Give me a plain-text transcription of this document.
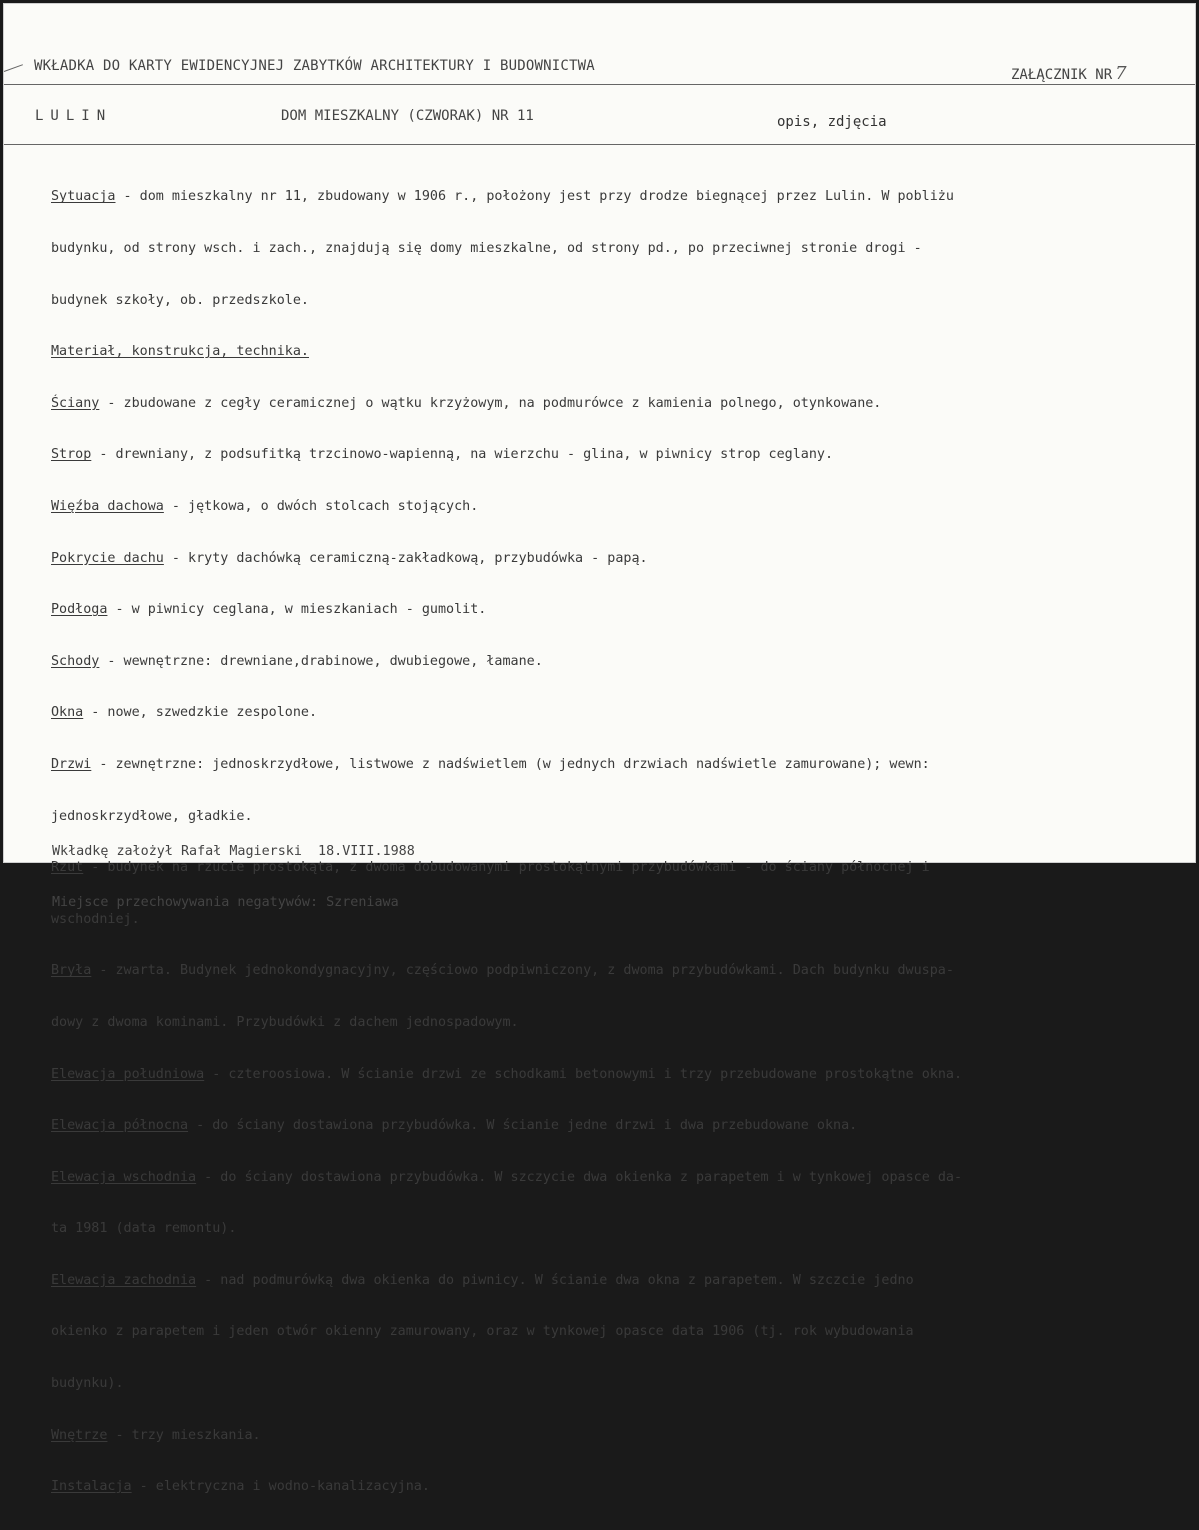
WKŁADKA DO KARTY EWIDENCYJNEJ ZABYTKÓW ARCHITEKTURY I BUDOWNICTWA
ZAŁĄCZNIK NR 7
LULIN	DOM MIESZKALNY (CZWORAK) NR 11	opis, zdjęcia

Sytuacja - dom mieszkalny nr 11, zbudowany w 1906 r., położony jest przy drodze biegnącej przez Lulin. W pobliżu

budynku, od strony wsch. i zach., znajdują się domy mieszkalne, od strony pd., po przeciwnej stronie drogi -

budynek szkoły, ob. przedszkole.

Materiał, konstrukcja, technika.

Ściany - zbudowane z cegły ceramicznej o wątku krzyżowym, na podmurówce z kamienia polnego, otynkowane.

Strop - drewniany, z podsufitką trzcinowo-wapienną, na wierzchu - glina, w piwnicy strop ceglany.

Więźba dachowa - jętkowa, o dwóch stolcach stojących.

Pokrycie dachu - kryty dachówką ceramiczną-zakładkową, przybudówka - papą.

Podłoga - w piwnicy ceglana, w mieszkaniach - gumolit.

Schody - wewnętrzne: drewniane,drabinowe, dwubiegowe, łamane.

Okna - nowe, szwedzkie zespolone.

Drzwi - zewnętrzne: jednoskrzydłowe, listwowe z nadświetlem (w jednych drzwiach nadświetle zamurowane); wewn:

jednoskrzydłowe, gładkie.

Rzut - budynek na rzucie prostokąta, z dwoma dobudowanymi prostokątnymi przybudówkami - do ściany północnej i

wschodniej.

Bryła - zwarta. Budynek jednokondygnacyjny, częściowo podpiwniczony, z dwoma przybudówkami. Dach budynku dwuspa-

dowy z dwoma kominami. Przybudówki z dachem jednospadowym.

Elewacja południowa - czteroosiowa. W ścianie drzwi ze schodkami betonowymi i trzy przebudowane prostokątne okna.

Elewacja północna - do ściany dostawiona przybudówka. W ścianie jedne drzwi i dwa przebudowane okna.

Elewacja wschodnia - do ściany dostawiona przybudówka. W szczycie dwa okienka z parapetem i w tynkowej opasce da-

ta 1981 (data remontu).

Elewacja zachodnia - nad podmurówką dwa okienka do piwnicy. W ścianie dwa okna z parapetem. W szczcie jedno

okienko z parapetem i jeden otwór okienny zamurowany, oraz w tynkowej opasce data 1906 (tj. rok wybudowania

budynku).

Wnętrze - trzy mieszkania.

Instalacja - elektryczna i wodno-kanalizacyjna.

Wkładkę założył Rafał Magierski  18.VIII.1988

Miejsce przechowywania negatywów: Szreniawa
